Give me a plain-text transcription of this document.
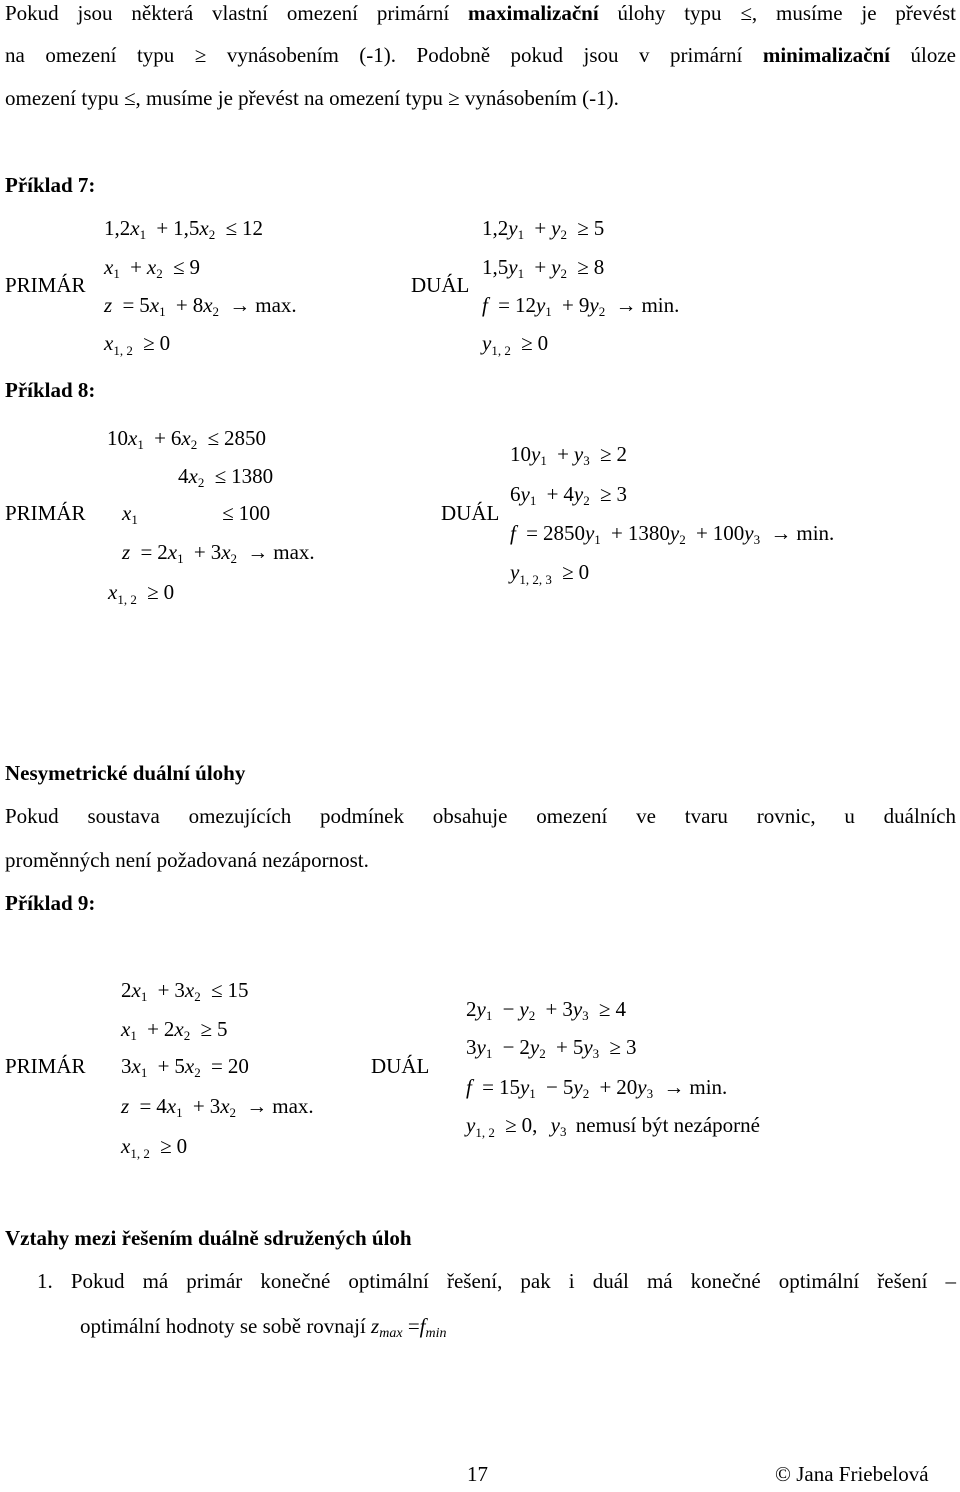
Pokud jsou některá vlastní omezení primární maximalizační úlohy typu ≤, musíme je převést
na omezení typu ≥ vynásobením (-1). Podobně pokud jsou v primární minimalizační úloze
omezení typu ≤, musíme je převést na omezení typu ≥ vynásobením (-1).
Příklad 7:
PRIMÁR	DUÁL
$1,2x_1 + 1,5x_2 \le 12$
$x_1 + x_2 \le 9$
$z = 5x_1 + 8x_2 \to \max$.
$x_{1, 2} \ge 0$
$1,2y_1 + y_2 \ge 5$
$1,5y_1 + y_2 \ge 8$
$f = 12y_1 + 9y_2 \to \min$.
$y_{1, 2} \ge 0$
Příklad 8:
PRIMÁR	DUÁL
$10x_1 + 6x_2 \le 2850$
$4x_2 \le 1380$
$x_1$	≤ 100
$z = 2x_1 + 3x_2 \to \max$.
$x_{1, 2} \ge 0$
$10y_1 + y_3 \ge 2$
$6y_1 + 4y_2 \ge 3$
$f = 2850y_1 + 1380y_2 + 100y_3 \to \min$.
$y_{1, 2, 3} \ge 0$
Nesymetrické duální úlohy
Pokud soustava omezujících podmínek obsahuje omezení ve tvaru rovnic, u duálních
proměnných není požadovaná nezápornost.
Příklad 9:
PRIMÁR	DUÁL
$2x_1 + 3x_2 \le 15$
$x_1 + 2x_2 \ge 5$
$3x_1 + 5x_2 = 20$
$z = 4x_1 + 3x_2 \to \max$.
$x_{1, 2} \ge 0$
$2y_1 - y_2 + 3y_3 \ge 4$
$3y_1 - 2y_2 + 5y_3 \ge 3$
$f = 15y_1 - 5y_2 + 20y_3 \to \min$.
$y_{1, 2} \ge 0$, $y_3$ nemusí být nezáporné
Vztahy mezi řešením duálně sdružených úloh
1. Pokud má primár konečné optimální řešení, pak i duál má konečné optimální řešení –
optimální hodnoty se sobě rovnají zmax =fmin
17	© Jana Friebelová
